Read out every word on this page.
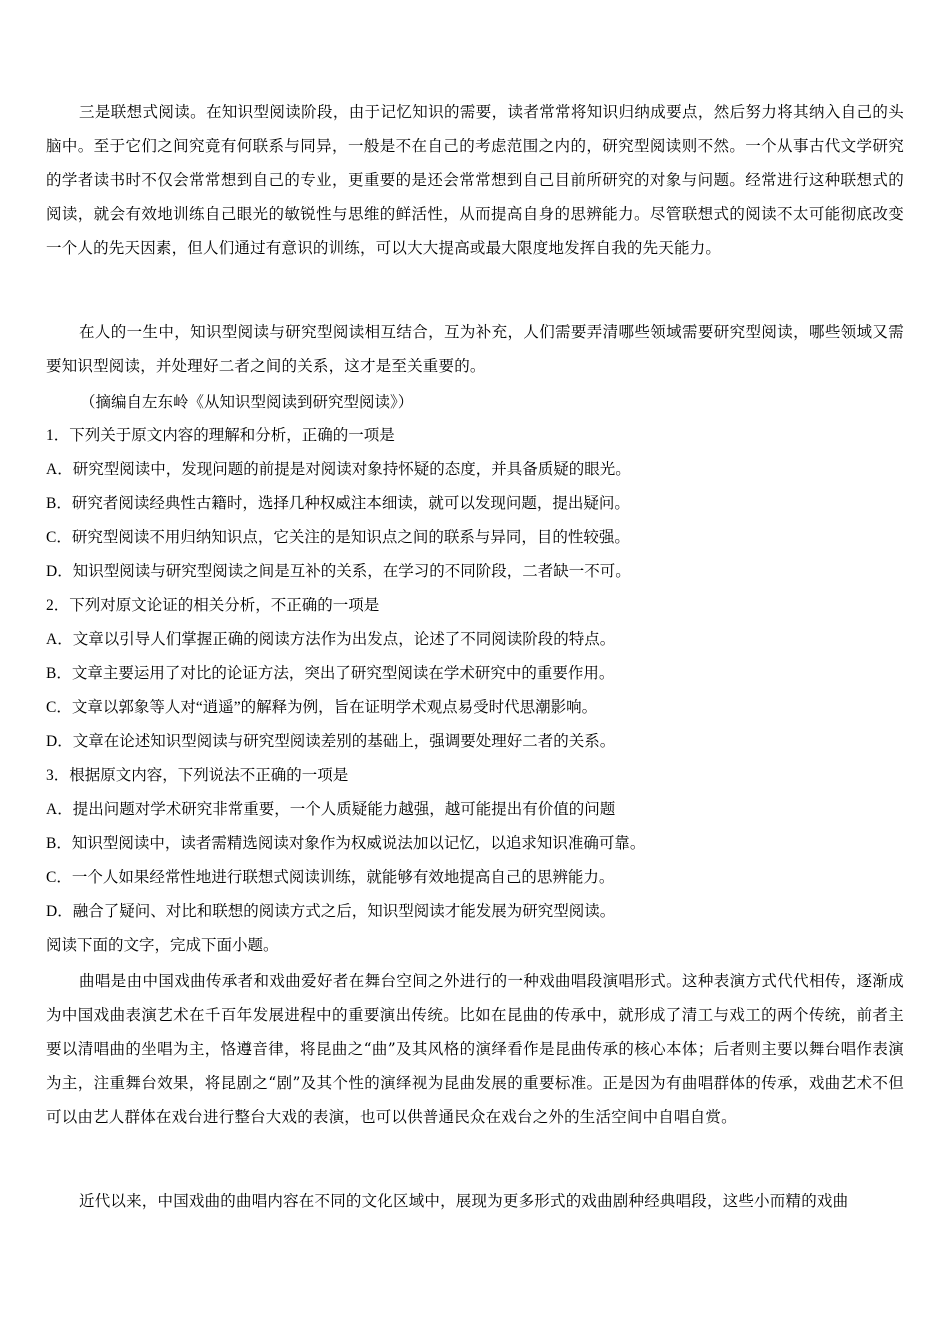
三是联想式阅读。在知识型阅读阶段，由于记忆知识的需要，读者常常将知识归纳成要点，然后努力将其纳入自己的头脑中。至于它们之间究竟有何联系与同异，一般是不在自己的考虑范围之内的，研究型阅读则不然。一个从事古代文学研究的学者读书时不仅会常常想到自己的专业，更重要的是还会常常想到自己目前所研究的对象与问题。经常进行这种联想式的阅读，就会有效地训练自己眼光的敏锐性与思维的鲜活性，从而提高自身的思辨能力。尽管联想式的阅读不太可能彻底改变一个人的先天因素，但人们通过有意识的训练，可以大大提高或最大限度地发挥自我的先天能力。
在人的一生中，知识型阅读与研究型阅读相互结合，互为补充，人们需要弄清哪些领域需要研究型阅读，哪些领域又需要知识型阅读，并处理好二者之间的关系，这才是至关重要的。
（摘编自左东岭《从知识型阅读到研究型阅读》）
1．下列关于原文内容的理解和分析，正确的一项是
A．研究型阅读中，发现问题的前提是对阅读对象持怀疑的态度，并具备质疑的眼光。
B．研究者阅读经典性古籍时，选择几种权威注本细读，就可以发现问题，提出疑问。
C．研究型阅读不用归纳知识点，它关注的是知识点之间的联系与异同，目的性较强。
D．知识型阅读与研究型阅读之间是互补的关系，在学习的不同阶段，二者缺一不可。
2．下列对原文论证的相关分析，不正确的一项是
A．文章以引导人们掌握正确的阅读方法作为出发点，论述了不同阅读阶段的特点。
B．文章主要运用了对比的论证方法，突出了研究型阅读在学术研究中的重要作用。
C．文章以郭象等人对“逍遥”的解释为例，旨在证明学术观点易受时代思潮影响。
D．文章在论述知识型阅读与研究型阅读差别的基础上，强调要处理好二者的关系。
3．根据原文内容，下列说法不正确的一项是
A．提出问题对学术研究非常重要，一个人质疑能力越强，越可能提出有价值的问题
B．知识型阅读中，读者需精选阅读对象作为权威说法加以记忆，以追求知识准确可靠。
C．一个人如果经常性地进行联想式阅读训练，就能够有效地提高自己的思辨能力。
D．融合了疑问、对比和联想的阅读方式之后，知识型阅读才能发展为研究型阅读。
阅读下面的文字，完成下面小题。
曲唱是由中国戏曲传承者和戏曲爱好者在舞台空间之外进行的一种戏曲唱段演唱形式。这种表演方式代代相传，逐渐成为中国戏曲表演艺术在千百年发展进程中的重要演出传统。比如在昆曲的传承中，就形成了清工与戏工的两个传统，前者主要以清唱曲的坐唱为主，恪遵音律，将昆曲之“曲”及其风格的演绎看作是昆曲传承的核心本体；后者则主要以舞台唱作表演为主，注重舞台效果，将昆剧之“剧”及其个性的演绎视为昆曲发展的重要标准。正是因为有曲唱群体的传承，戏曲艺术不但可以由艺人群体在戏台进行整台大戏的表演，也可以供普通民众在戏台之外的生活空间中自唱自赏。
近代以来，中国戏曲的曲唱内容在不同的文化区域中，展现为更多形式的戏曲剧种经典唱段，这些小而精的戏曲
